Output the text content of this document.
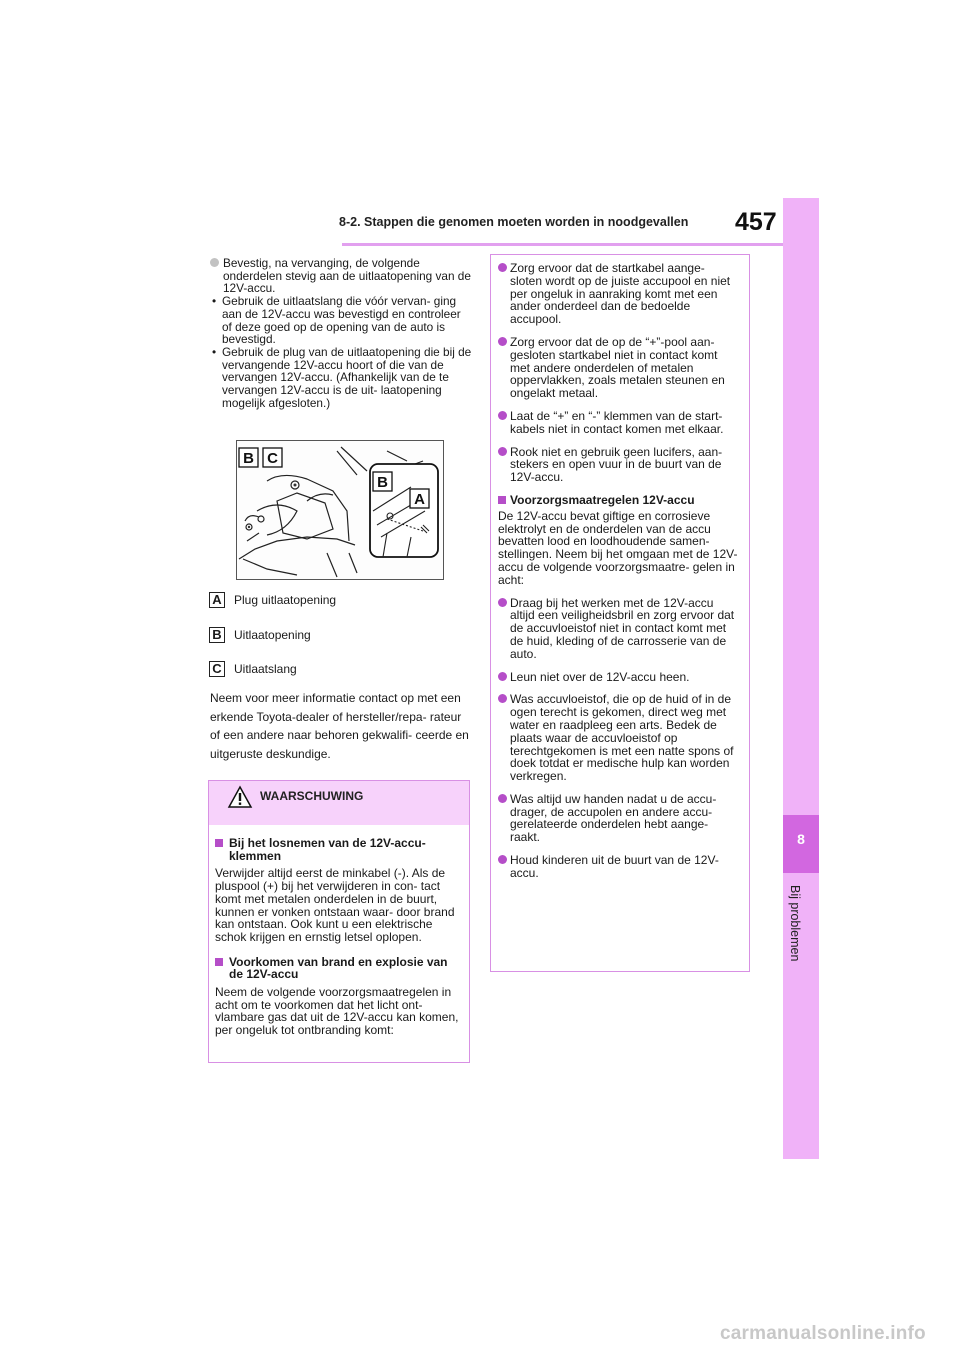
8-2. Stappen die genomen moeten worden in noodgevallen 457
8
Bij problemen
Bevestig, na vervanging, de volgende onderdelen stevig aan de uitlaatopening van de 12V-accu.
• Gebruik de uitlaatslang die vóór vervan- ging aan de 12V-accu was bevestigd en controleer of deze goed op de opening van de auto is bevestigd.
• Gebruik de plug van de uitlaatopening die bij de vervangende 12V-accu hoort of die van de vervangen 12V-accu. (Afhankelijk van de te vervangen 12V-accu is de uit- laatopening mogelijk afgesloten.)
B C
B
A
A Plug uitlaatopening
B Uitlaatopening
C Uitlaatslang
Neem voor meer informatie contact op met een erkende Toyota-dealer of hersteller/repa- rateur of een andere naar behoren gekwalifi- ceerde en uitgeruste deskundige.
WAARSCHUWING
Bij het losnemen van de 12V-accu- klemmen
Verwijder altijd eerst de minkabel (-). Als de pluspool (+) bij het verwijderen in con- tact komt met metalen onderdelen in de buurt, kunnen er vonken ontstaan waar- door brand kan ontstaan. Ook kunt u een elektrische schok krijgen en ernstig letsel oplopen.
Voorkomen van brand en explosie van de 12V-accu
Neem de volgende voorzorgsmaatregelen in acht om te voorkomen dat het licht ont- vlambare gas dat uit de 12V-accu kan komen, per ongeluk tot ontbranding komt:
Zorg ervoor dat de startkabel aange- sloten wordt op de juiste accupool en niet per ongeluk in aanraking komt met een ander onderdeel dan de bedoelde accupool.
Zorg ervoor dat de op de “+”-pool aan- gesloten startkabel niet in contact komt met andere onderdelen of metalen oppervlakken, zoals metalen steunen en ongelakt metaal.
Laat de “+” en “-” klemmen van de start- kabels niet in contact komen met elkaar.
Rook niet en gebruik geen lucifers, aan- stekers en open vuur in de buurt van de 12V-accu.
Voorzorgsmaatregelen 12V-accu
De 12V-accu bevat giftige en corrosieve elektrolyt en de onderdelen van de accu bevatten lood en loodhoudende samen- stellingen. Neem bij het omgaan met de 12V-accu de volgende voorzorgsmaatre- gelen in acht:
Draag bij het werken met de 12V-accu altijd een veiligheidsbril en zorg ervoor dat de accuvloeistof niet in contact komt met de huid, kleding of de carrosserie van de auto.
Leun niet over de 12V-accu heen.
Was accuvloeistof, die op de huid of in de ogen terecht is gekomen, direct weg met water en raadpleeg een arts. Bedek de plaats waar de accuvloeistof op terechtgekomen is met een natte spons of doek totdat er medische hulp kan worden verkregen.
Was altijd uw handen nadat u de accu- drager, de accupolen en andere accu- gerelateerde onderdelen hebt aange- raakt.
Houd kinderen uit de buurt van de 12V- accu.
carmanualsonline.info
